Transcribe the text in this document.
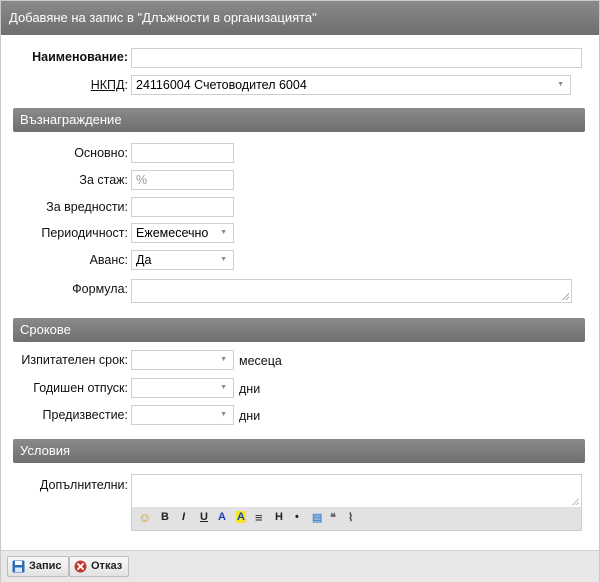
Добавяне на запис в "Длъжности в организацията"
Наименование:
НКПД: 24116004 Счетоводител 6004	▼
Възнаграждение
Основно:
За стаж:
%
За вредности:
Периодичност: Ежемесечно ▼
Аванс: Да	▼
Формула:
Срокове
Изпитателен срок:	▼ месеца
Годишен отпуск:	▼ дни
Предизвестие:	▼ дни
Условия
Допълнителни:
☺ B I U A A ≡ H • ▤ ❝ ⌇
Запис	Отказ
